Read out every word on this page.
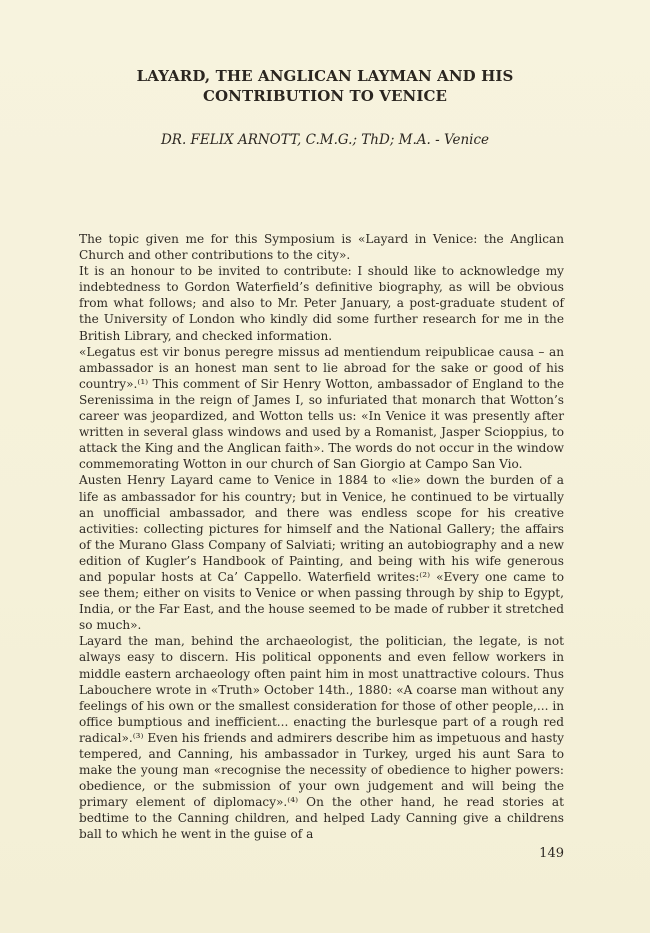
LAYARD, THE ANGLICAN LAYMAN AND HIS
CONTRIBUTION TO VENICE
DR. FELIX ARNOTT, C.M.G.; ThD; M.A. - Venice

The topic given me for this Symposium is «Layard in Venice: the Anglican Church and other contributions to the city».

It is an honour to be invited to contribute: I should like to acknowledge my indebtedness to Gordon Waterfield’s definitive biography, as will be obvious from what follows; and also to Mr. Peter January, a post-graduate student of the University of London who kindly did some further research for me in the British Library, and checked information.

«Legatus est vir bonus peregre missus ad mentiendum reipublicae causa – an ambassador is an honest man sent to lie abroad for the sake or good of his country».⁽¹⁾ This comment of Sir Henry Wotton, ambassador of England to the Serenissima in the reign of James I, so infuriated that monarch that Wotton’s career was jeopardized, and Wotton tells us: «In Venice it was presently after written in several glass windows and used by a Romanist, Jasper Scioppius, to attack the King and the Anglican faith». The words do not occur in the window commemorating Wotton in our church of San Giorgio at Campo San Vio.

Austen Henry Layard came to Venice in 1884 to «lie» down the burden of a life as ambassador for his country; but in Venice, he continued to be virtually an unofficial ambassador, and there was endless scope for his creative activities: collecting pictures for himself and the National Gallery; the affairs of the Murano Glass Company of Salviati; writing an autobiography and a new edition of Kugler’s Handbook of Painting, and being with his wife generous and popular hosts at Ca’ Cappello. Waterfield writes:⁽²⁾ «Every one came to see them; either on visits to Venice or when passing through by ship to Egypt, India, or the Far East, and the house seemed to be made of rubber it stretched so much».

Layard the man, behind the archaeologist, the politician, the legate, is not always easy to discern. His political opponents and even fellow workers in middle eastern archaeology often paint him in most unattractive colours. Thus Labouchere wrote in «Truth» October 14th., 1880: «A coarse man without any feelings of his own or the smallest consideration for those of other people,... in office bumptious and inefficient... enacting the burlesque part of a rough red radical».⁽³⁾ Even his friends and admirers describe him as impetuous and hasty tempered, and Canning, his ambassador in Turkey, urged his aunt Sara to make the young man «recognise the necessity of obedience to higher powers: obedience, or the submission of your own judgement and will being the primary element of diplomacy».⁽⁴⁾ On the other hand, he read stories at bedtime to the Canning children, and helped Lady Canning give a childrens ball to which he went in the guise of a

149
